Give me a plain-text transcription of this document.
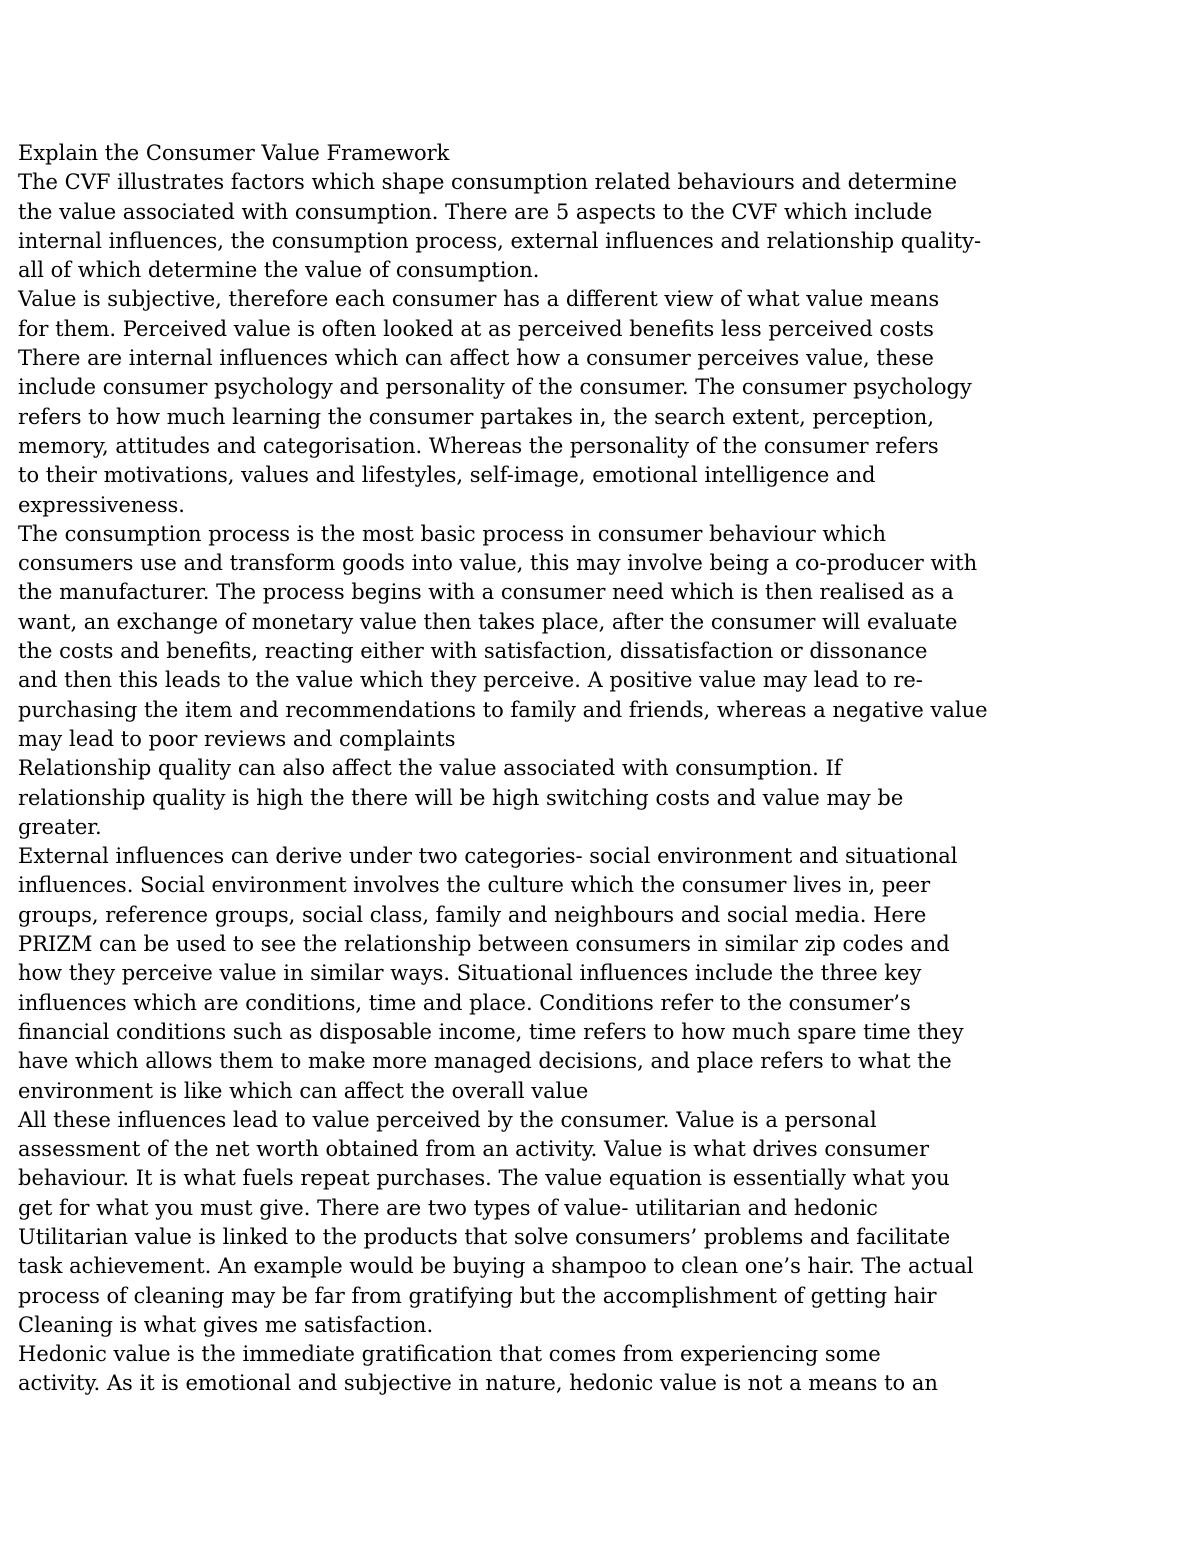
Explain the Consumer Value Framework
The CVF illustrates factors which shape consumption related behaviours and determine
the value associated with consumption. There are 5 aspects to the CVF which include
internal influences, the consumption process, external influences and relationship quality-
all of which determine the value of consumption.
Value is subjective, therefore each consumer has a different view of what value means
for them. Perceived value is often looked at as perceived benefits less perceived costs
There are internal influences which can affect how a consumer perceives value, these
include consumer psychology and personality of the consumer. The consumer psychology
refers to how much learning the consumer partakes in, the search extent, perception,
memory, attitudes and categorisation. Whereas the personality of the consumer refers
to their motivations, values and lifestyles, self-image, emotional intelligence and
expressiveness.
The consumption process is the most basic process in consumer behaviour which
consumers use and transform goods into value, this may involve being a co-producer with
the manufacturer. The process begins with a consumer need which is then realised as a
want, an exchange of monetary value then takes place, after the consumer will evaluate
the costs and benefits, reacting either with satisfaction, dissatisfaction or dissonance
and then this leads to the value which they perceive. A positive value may lead to re-
purchasing the item and recommendations to family and friends, whereas a negative value
may lead to poor reviews and complaints
Relationship quality can also affect the value associated with consumption. If
relationship quality is high the there will be high switching costs and value may be
greater.
External influences can derive under two categories- social environment and situational
influences. Social environment involves the culture which the consumer lives in, peer
groups, reference groups, social class, family and neighbours and social media. Here
PRIZM can be used to see the relationship between consumers in similar zip codes and
how they perceive value in similar ways. Situational influences include the three key
influences which are conditions, time and place. Conditions refer to the consumer’s
financial conditions such as disposable income, time refers to how much spare time they
have which allows them to make more managed decisions, and place refers to what the
environment is like which can affect the overall value
All these influences lead to value perceived by the consumer. Value is a personal
assessment of the net worth obtained from an activity. Value is what drives consumer
behaviour. It is what fuels repeat purchases. The value equation is essentially what you
get for what you must give. There are two types of value- utilitarian and hedonic
Utilitarian value is linked to the products that solve consumers’ problems and facilitate
task achievement. An example would be buying a shampoo to clean one’s hair. The actual
process of cleaning may be far from gratifying but the accomplishment of getting hair
Cleaning is what gives me satisfaction.
Hedonic value is the immediate gratification that comes from experiencing some
activity. As it is emotional and subjective in nature, hedonic value is not a means to an
